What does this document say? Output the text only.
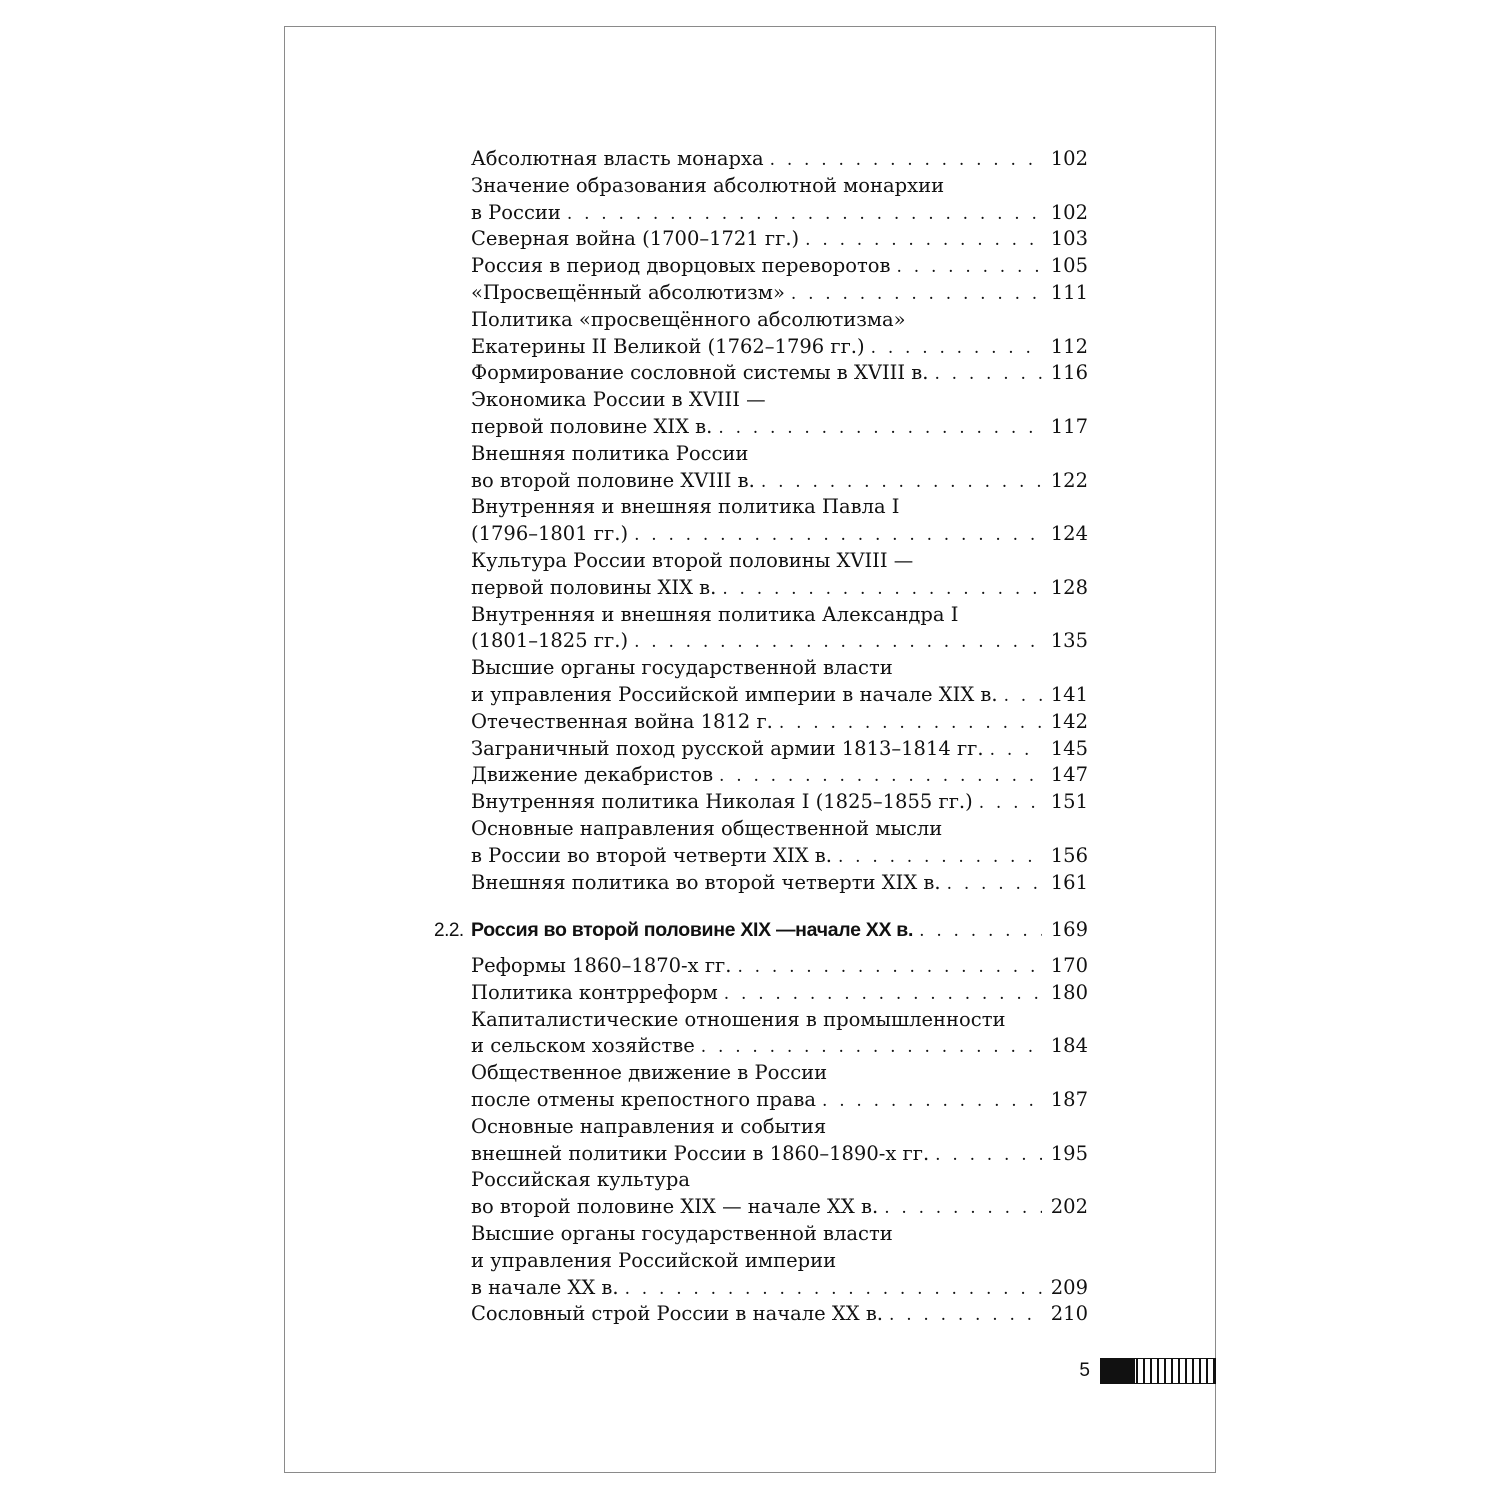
Абсолютная власть монарха . . .	102
Значение образования абсолютной монархии
в России . . .	102
Северная война (1700–1721 гг.) . . .	103
Россия в период дворцовых переворотов . . .	105
«Просвещённый абсолютизм» . . .	111
Политика «просвещённого абсолютизма»
Екатерины II Великой (1762–1796 гг.) . . .	112
Формирование сословной системы в XVIII в. . . .	116
Экономика России в XVIII —
первой половине XIX в. . . .	117
Внешняя политика России
во второй половине XVIII в. . . .	122
Внутренняя и внешняя политика Павла I
(1796–1801 гг.) . . .	124
Культура России второй половины XVIII —
первой половины XIX в. . . .	128
Внутренняя и внешняя политика Александра I
(1801–1825 гг.) . . .	135
Высшие органы государственной власти
и управления Российской империи в начале XIX в. . . .	141
Отечественная война 1812 г. . . .	142
Заграничный поход русской армии 1813–1814 гг. . . .	145
Движение декабристов . . .	147
Внутренняя политика Николая I (1825–1855 гг.) . . .	151
Основные направления общественной мысли
в России во второй четверти XIX в. . . .	156
Внешняя политика во второй четверти XIX в. . . .	161
2.2. Россия во второй половине XIX —начале XX в. . . .	169
Реформы 1860–1870-х гг. . . .	170
Политика контрреформ . . .	180
Капиталистические отношения в промышленности
и сельском хозяйстве . . .	184
Общественное движение в России
после отмены крепостного права . . .	187
Основные направления и события
внешней политики России в 1860–1890-х гг. . . .	195
Российская культура
во второй половине XIX — начале XX в. . . .	202
Высшие органы государственной власти
и управления Российской империи
в начале XX в. . . .	209
Сословный строй России в начале XX в. . . .	210
5
